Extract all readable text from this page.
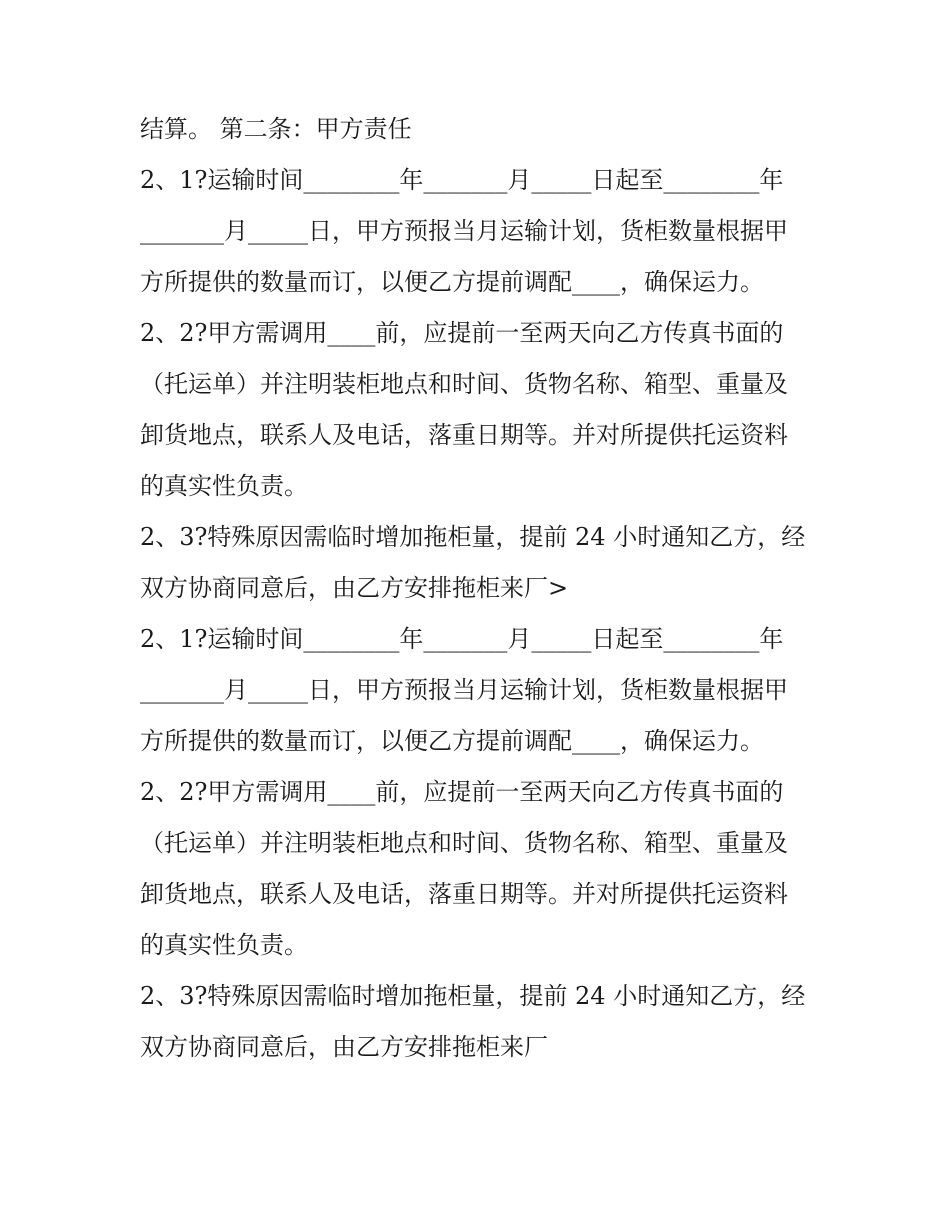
结算。 第二条：甲方责任
2、1?运输时间________年_______月_____日起至________年
_______月_____日，甲方预报当月运输计划，货柜数量根据甲
方所提供的数量而订，以便乙方提前调配____，确保运力。
2、2?甲方需调用____前，应提前一至两天向乙方传真书面的
（托运单）并注明装柜地点和时间、货物名称、箱型、重量及
卸货地点，联系人及电话，落重日期等。并对所提供托运资料
的真实性负责。
2、3?特殊原因需临时增加拖柜量，提前 24 小时通知乙方，经
双方协商同意后，由乙方安排拖柜来厂>
2、1?运输时间________年_______月_____日起至________年
_______月_____日，甲方预报当月运输计划，货柜数量根据甲
方所提供的数量而订，以便乙方提前调配____，确保运力。
2、2?甲方需调用____前，应提前一至两天向乙方传真书面的
（托运单）并注明装柜地点和时间、货物名称、箱型、重量及
卸货地点，联系人及电话，落重日期等。并对所提供托运资料
的真实性负责。
2、3?特殊原因需临时增加拖柜量，提前 24 小时通知乙方，经
双方协商同意后，由乙方安排拖柜来厂
